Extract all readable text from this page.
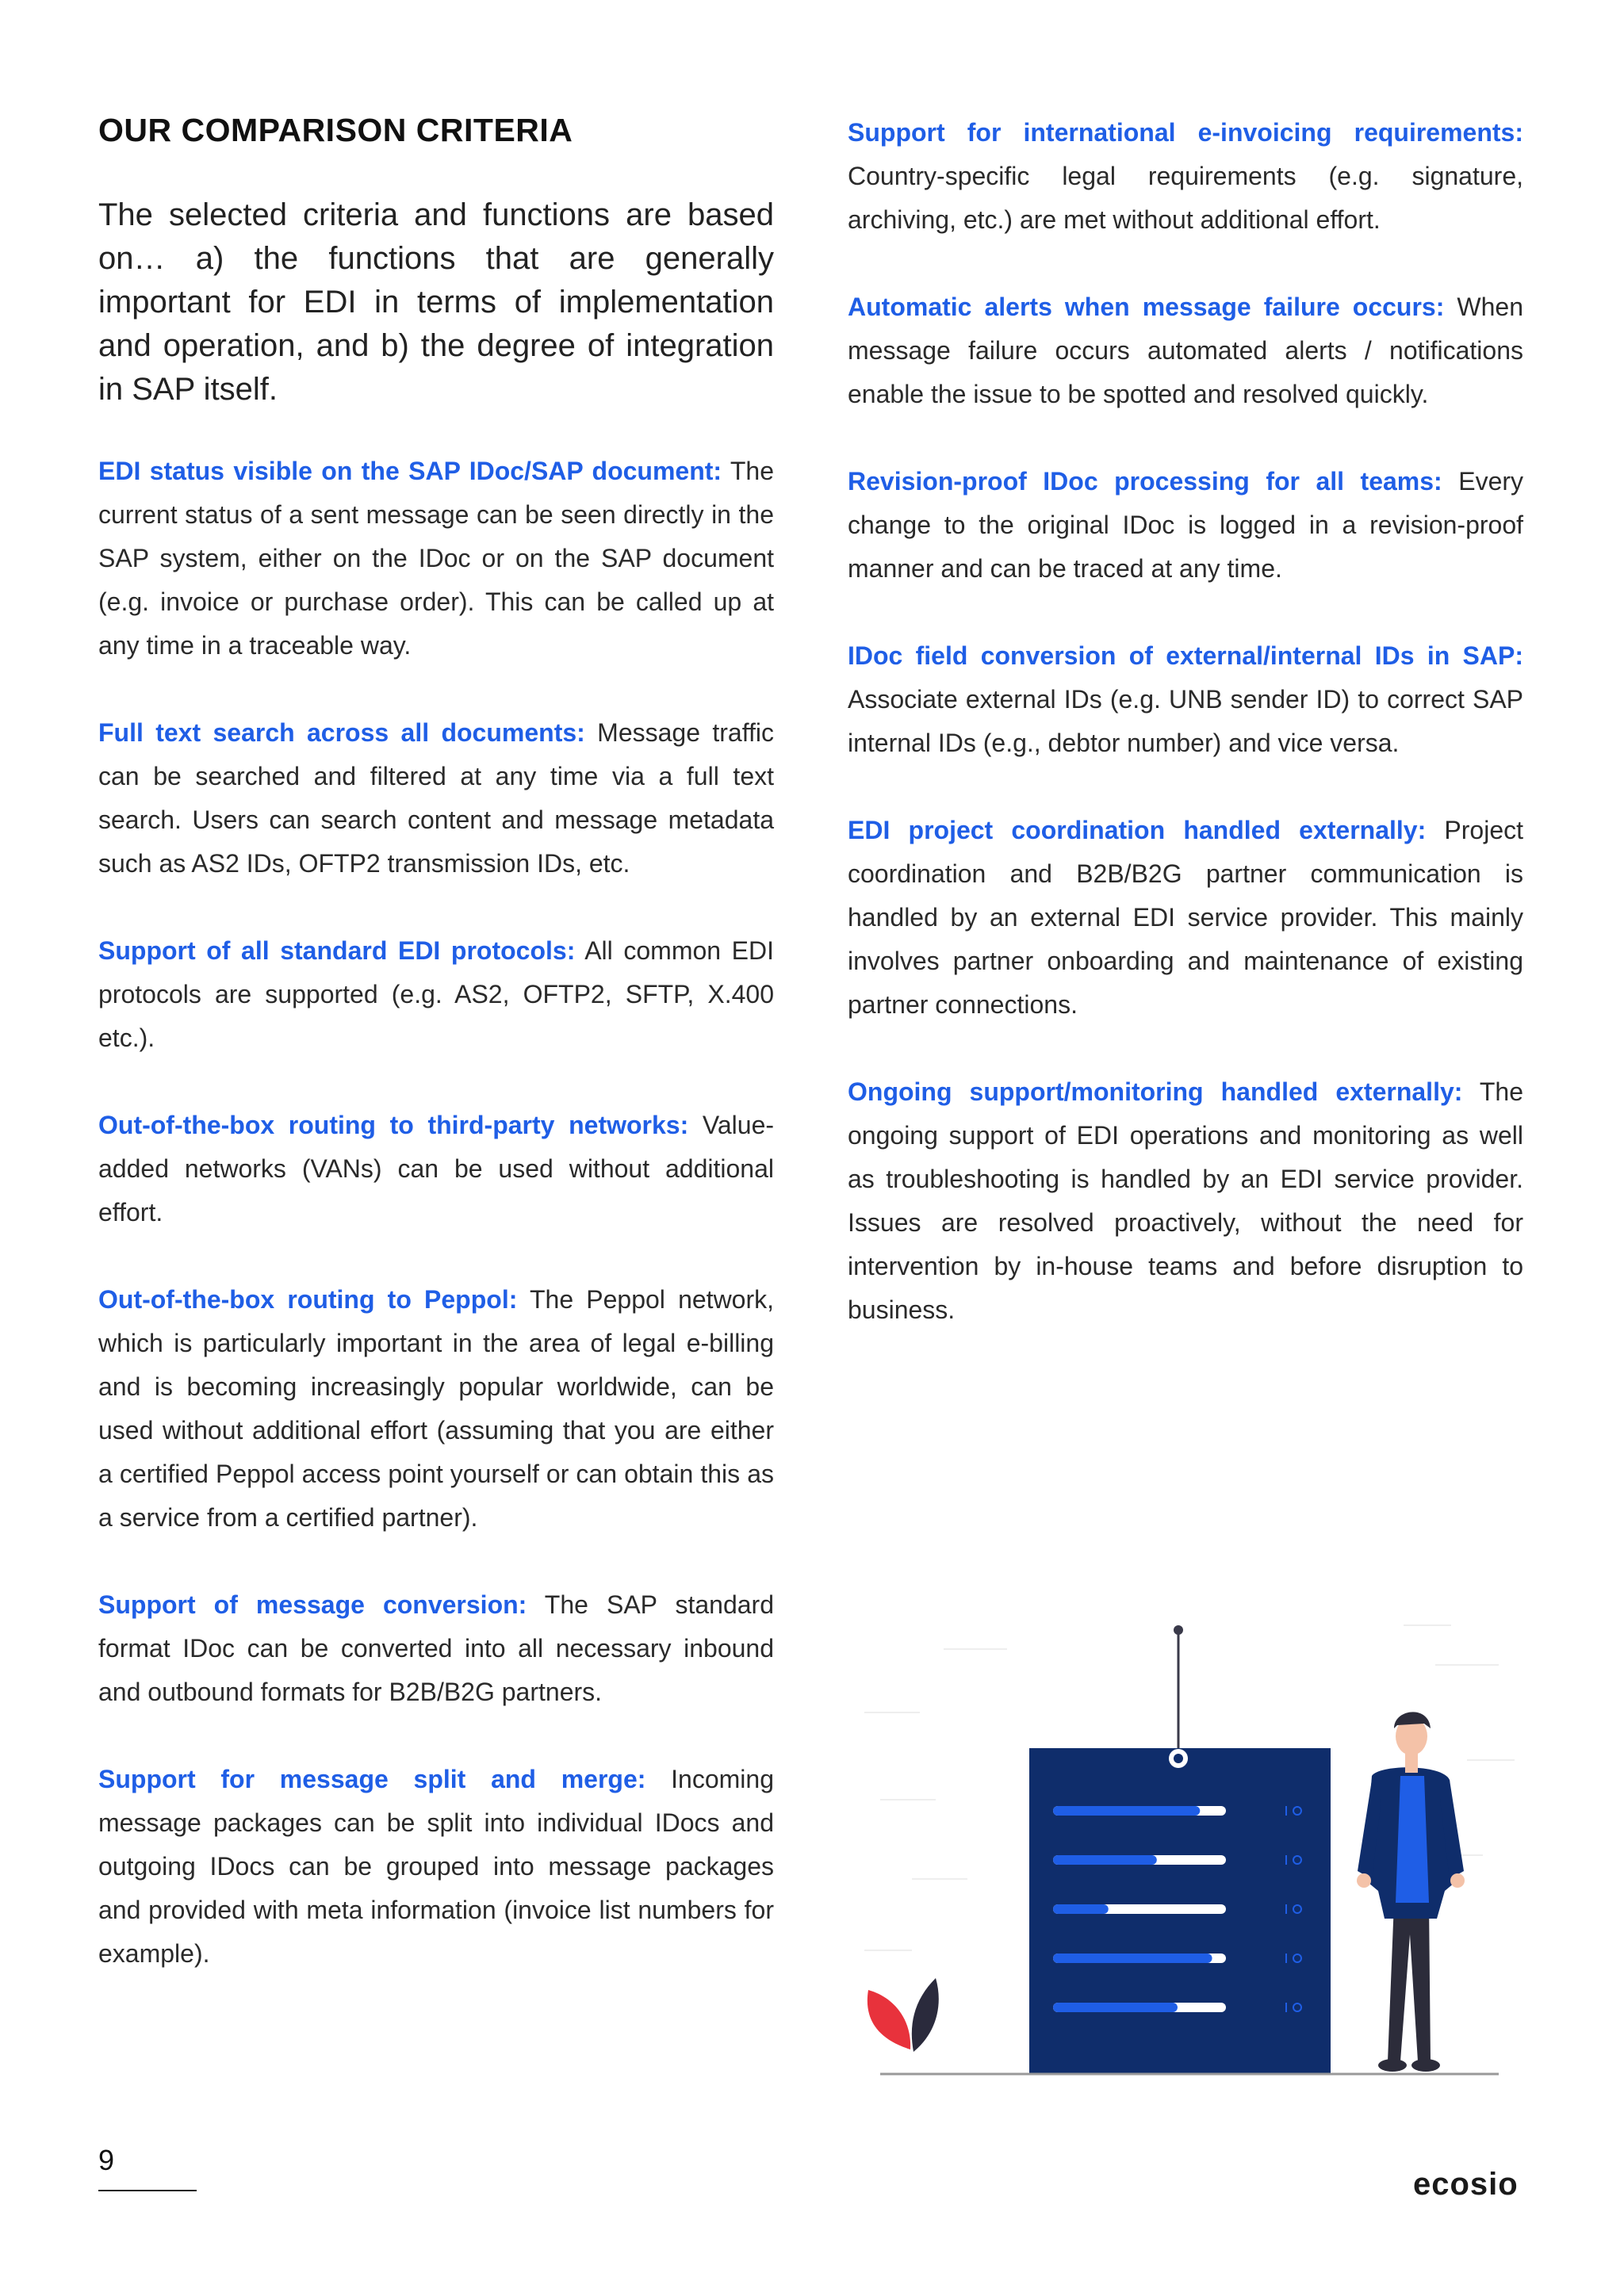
OUR COMPARISON CRITERIA

The selected criteria and functions are based on… a) the functions that are generally important for EDI in terms of implementation and operation, and b) the degree of integration in SAP itself.

EDI status visible on the SAP IDoc/SAP document: The current status of a sent message can be seen directly in the SAP system, either on the IDoc or on the SAP document (e.g. invoice or purchase order). This can be called up at any time in a traceable way.

Full text search across all documents: Message traffic can be searched and filtered at any time via a full text search. Users can search content and message metadata such as AS2 IDs, OFTP2 transmission IDs, etc.

Support of all standard EDI protocols: All common EDI protocols are supported (e.g. AS2, OFTP2, SFTP, X.400 etc.).

Out-of-the-box routing to third-party networks: Value-added networks (VANs) can be used without additional effort.

Out-of-the-box routing to Peppol: The Peppol network, which is particularly important in the area of legal e-billing and is becoming increasingly popular worldwide, can be used without additional effort (assuming that you are either a certified Peppol access point yourself or can obtain this as a service from a certified partner).

Support of message conversion: The SAP standard format IDoc can be converted into all necessary inbound and outbound formats for B2B/B2G partners.

Support for message split and merge: Incoming message packages can be split into individual IDocs and outgoing IDocs can be grouped into message packages and provided with meta information (invoice list numbers for example).

Support for international e-invoicing requirements: Country-specific legal requirements (e.g. signature, archiving, etc.) are met without additional effort.

Automatic alerts when message failure occurs: When message failure occurs automated alerts / notifications enable the issue to be spotted and resolved quickly.

Revision-proof IDoc processing for all teams: Every change to the original IDoc is logged in a revision-proof manner and can be traced at any time.

IDoc field conversion of external/internal IDs in SAP: Associate external IDs (e.g. UNB sender ID) to correct SAP internal IDs (e.g., debtor number) and vice versa.

EDI project coordination handled externally: Project coordination and B2B/B2G partner communication is handled by an external EDI service provider. This mainly involves partner onboarding and maintenance of existing partner connections.

Ongoing support/monitoring handled externally: The ongoing support of EDI operations and monitoring as well as troubleshooting is handled by an EDI service provider. Issues are resolved proactively, without the need for intervention by in-house teams and before disruption to business.

9
ecosio
